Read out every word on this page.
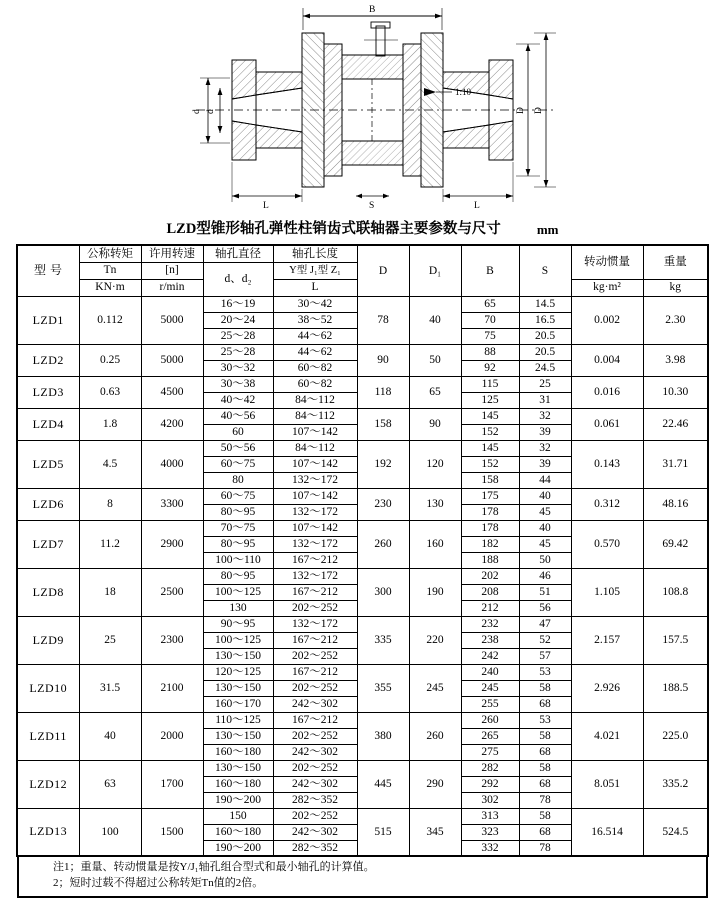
B
d d	D D
1:10
L	L
S
LZD型锥形轴孔弹性柱销齿式联轴器主要参数与尺寸	mm
型 号	公称转矩	许用转速	轴孔直径	轴孔长度	D	D₁	B	S	转动惯量	重量
	Tn	[n]	d、d₂	Y型 J₁型 Z₁						
	KN·m	r/min		L					kg·m²	kg
LZD1	0.112	5000	16～19	30～42	78	40	65	14.5	0.002	2.30
			20～24	38～52			70	16.5		
			25～28	44～62			75	20.5		
LZD2	0.25	5000	25～28	44～62	90	50	88	20.5	0.004	3.98
			30～32	60～82			92	24.5		
LZD3	0.63	4500	30～38	60～82	118	65	115	25	0.016	10.30
			40～42	84～112			125	31		
LZD4	1.8	4200	40～56	84～112	158	90	145	32	0.061	22.46
			60	107～142			152	39		
LZD5	4.5	4000	50～56	84～112	192	120	145	32	0.143	31.71
			60～75	107～142			152	39		
			80	132～172			158	44		
LZD6	8	3300	60～75	107～142	230	130	175	40	0.312	48.16
			80～95	132～172			178	45		
LZD7	11.2	2900	70～75	107～142	260	160	178	40	0.570	69.42
			80～95	132～172			182	45		
			100～110	167～212			188	50		
LZD8	18	2500	80～95	132～172	300	190	202	46	1.105	108.8
			100～125	167～212			208	51		
			130	202～252			212	56		
LZD9	25	2300	90～95	132～172	335	220	232	47	2.157	157.5
			100～125	167～212			238	52		
			130～150	202～252			242	57		
LZD10	31.5	2100	120～125	167～212	355	245	240	53	2.926	188.5
			130～150	202～252			245	58		
			160～170	242～302			255	68		
LZD11	40	2000	110～125	167～212	380	260	260	53	4.021	225.0
			130～150	202～252			265	58		
			160～180	242～302			275	68		
LZD12	63	1700	130～150	202～252	445	290	282	58	8.051	335.2
			160～180	242～302			292	68		
			190～200	282～352			302	78		
LZD13	100	1500	150	202～252	515	345	313	58	16.514	524.5
			160～180	242～302			323	68		
			190～200	282～352			332	78		
注1；重量、转动惯量是按Y/J₁轴孔组合型式和最小轴孔的计算值。
2；短时过载不得超过公称转矩Tn值的2倍。
